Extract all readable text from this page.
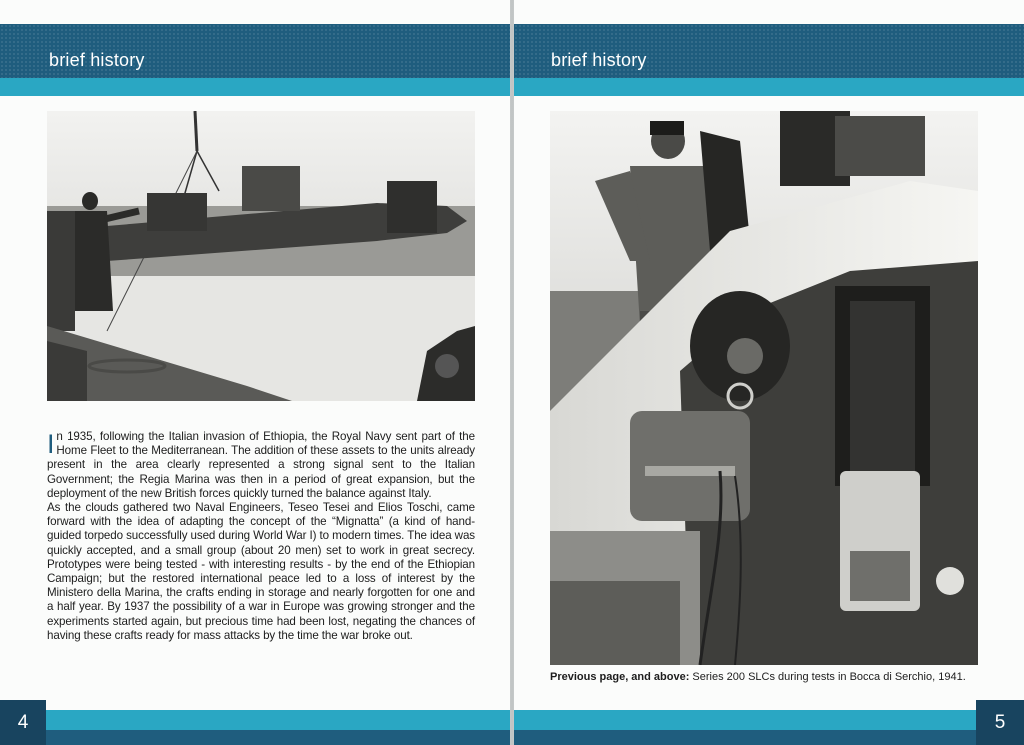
brief history

In 1935, following the Italian invasion of Ethiopia, the Royal Navy sent part of the Home Fleet to the Mediterranean. The addition of these assets to the units already present in the area clearly represented a strong signal sent to the Italian Government; the Regia Marina was then in a period of great expansion, but the deployment of the new British forces quickly turned the balance against Italy.

As the clouds gathered two Naval Engineers, Teseo Tesei and Elios Toschi, came forward with the idea of adapting the concept of the “Mignatta” (a kind of hand-guided torpedo successfully used during World War I) to modern times. The idea was quickly accepted, and a small group (about 20 men) set to work in great secrecy. Prototypes were being tested - with interesting results - by the end of the Ethiopian Campaign; but the restored international peace led to a loss of interest by the Ministero della Marina, the crafts ending in storage and nearly forgotten for one and a half year. By 1937 the possibility of a war in Europe was growing stronger and the experiments started again, but precious time had been lost, negating the chances of having these crafts ready for mass attacks by the time the war broke out.

4
brief history
Previous page, and above: Series 200 SLCs during tests in Bocca di Serchio, 1941.
5
